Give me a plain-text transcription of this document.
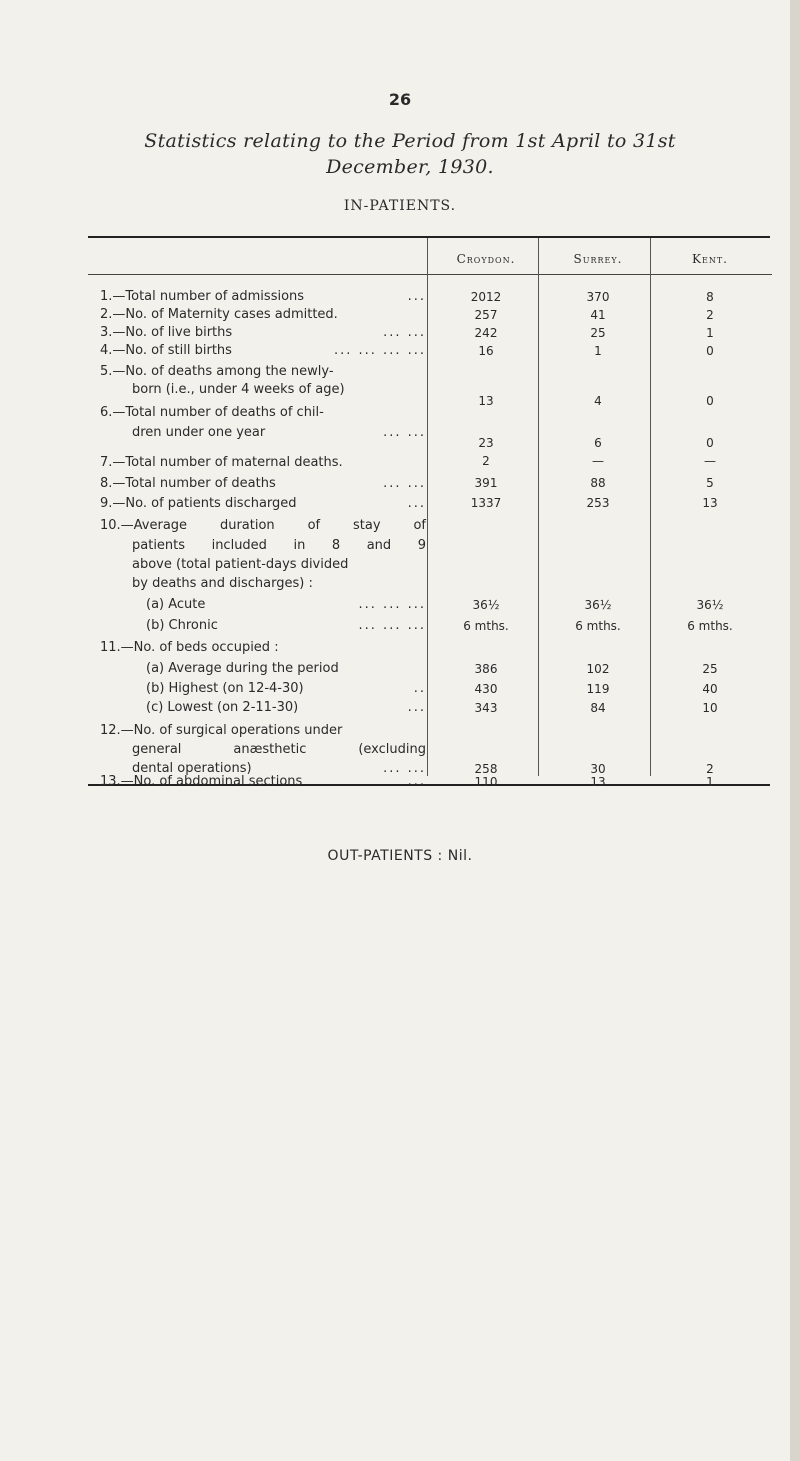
26
Statistics relating to the Period from 1st April to 31st
December, 1930.
IN-PATIENTS.
Croydon.	Surrey.	Kent.
1.—Total number of admissions	...	2012	370	8
2.—No. of Maternity cases admitted.	257	41	2
3.—No. of live births	... ...	242	25	1
4.—No. of still births	... ... ... ...	16	1	0
5.—No. of deaths among the newly-
born (i.e., under 4 weeks of age)
13	4	0
6.—Total number of deaths of chil-
dren under one year	... ...
23	6	0
7.—Total number of maternal deaths.	2	—	—
8.—Total number of deaths	... ...	391	88	5
9.—No. of patients discharged	...	1337	253	13
10.—Average duration of stay of
patients included in 8 and 9
above (total patient-days divided
by deaths and discharges) :
(a) Acute	... ... ...	36½	36½	36½
(b) Chronic	... ... ...	6 mths.	6 mths.	6 mths.
11.—No. of beds occupied :
(a) Average during the period	386	102	25
(b) Highest (on 12-4-30)	..	430	119	40
(c) Lowest (on 2-11-30)	...	343	84	10
12.—No. of surgical operations under
general anæsthetic (excluding
dental operations)	... ...	258	30	2
OUT-PATIENTS : Nil.
13.—No. of abdominal sections	...	110	13	1
